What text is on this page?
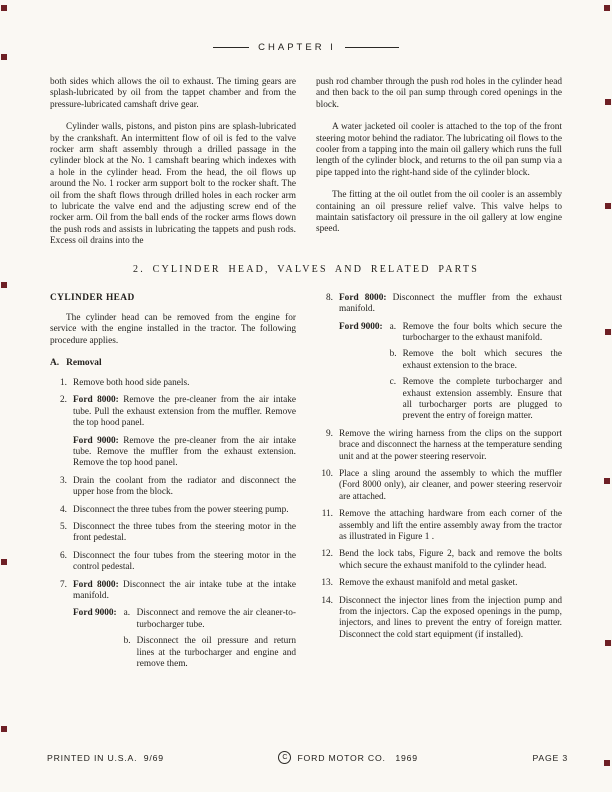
CHAPTER I

both sides which allows the oil to exhaust. The timing gears are splash-lubricated by oil from the tappet chamber and from the pressure-lubricated camshaft drive gear.

Cylinder walls, pistons, and piston pins are splash-lubricated by the crankshaft. An intermittent flow of oil is fed to the valve rocker arm shaft assembly through a drilled passage in the cylinder block at the No. 1 camshaft bearing which indexes with a hole in the cylinder head. From the head, the oil flows up around the No. 1 rocker arm support bolt to the rocker shaft. The oil from the shaft flows through drilled holes in each rocker arm to lubricate the valve end and the adjusting screw end of the rocker arm. Oil from the ball ends of the rocker arms flows down the push rods and assists in lubricating the tappets and push rods. Excess oil drains into the

push rod chamber through the push rod holes in the cylinder head and then back to the oil pan sump through cored openings in the block.

A water jacketed oil cooler is attached to the top of the front steering motor behind the radiator. The lubricating oil flows to the cooler from a tapping into the main oil gallery which runs the full length of the cylinder block, and returns to the oil pan sump via a pipe tapped into the right-hand side of the cylinder block.

The fitting at the oil outlet from the oil cooler is an assembly containing an oil pressure relief valve. This valve helps to maintain satisfactory oil pressure in the oil gallery at low engine speed.

2. CYLINDER HEAD, VALVES AND RELATED PARTS
CYLINDER HEAD

The cylinder head can be removed from the engine for service with the engine installed in the tractor. The following procedure applies.

A.   Removal
1. Remove both hood side panels.
2. Ford 8000: Remove the pre-cleaner from the air intake tube. Pull the exhaust extension from the muffler. Remove the top hood panel.
Ford 9000: Remove the pre-cleaner from the air intake tube. Remove the muffler from the exhaust extension. Remove the top hood panel.
3. Drain the coolant from the radiator and disconnect the upper hose from the block.
4. Disconnect the three tubes from the power steering pump.
5. Disconnect the three tubes from the steering motor in the front pedestal.
6. Disconnect the four tubes from the steering motor in the control pedestal.
7. Ford 8000: Disconnect the air intake tube at the intake manifold.
Ford 9000: a. Disconnect and remove the air cleaner-to-turbocharger tube.
b. Disconnect the oil pressure and return lines at the turbocharger and engine and remove them.
8. Ford 8000: Disconnect the muffler from the exhaust manifold.
Ford 9000: a. Remove the four bolts which secure the turbocharger to the exhaust manifold.
b. Remove the bolt which secures the exhaust extension to the brace.
c. Remove the complete turbocharger and exhaust extension assembly. Ensure that all turbocharger ports are plugged to prevent the entry of foreign matter.
9. Remove the wiring harness from the clips on the support brace and disconnect the harness at the temperature sending unit and at the power steering reservoir.
10. Place a sling around the assembly to which the muffler (Ford 8000 only), air cleaner, and power steering reservoir are attached.
11. Remove the attaching hardware from each corner of the assembly and lift the entire assembly away from the tractor as illustrated in Figure 1 .
12. Bend the lock tabs, Figure 2, back and remove the bolts which secure the exhaust manifold to the cylinder head.
13. Remove the exhaust manifold and metal gasket.
14. Disconnect the injector lines from the injection pump and from the injectors. Cap the exposed openings in the pump, injectors, and lines to prevent the entry of foreign matter. Disconnect the cold start equipment (if installed).
PRINTED IN U.S.A.  9/69	C	FORD MOTOR CO.   1969	PAGE 3
